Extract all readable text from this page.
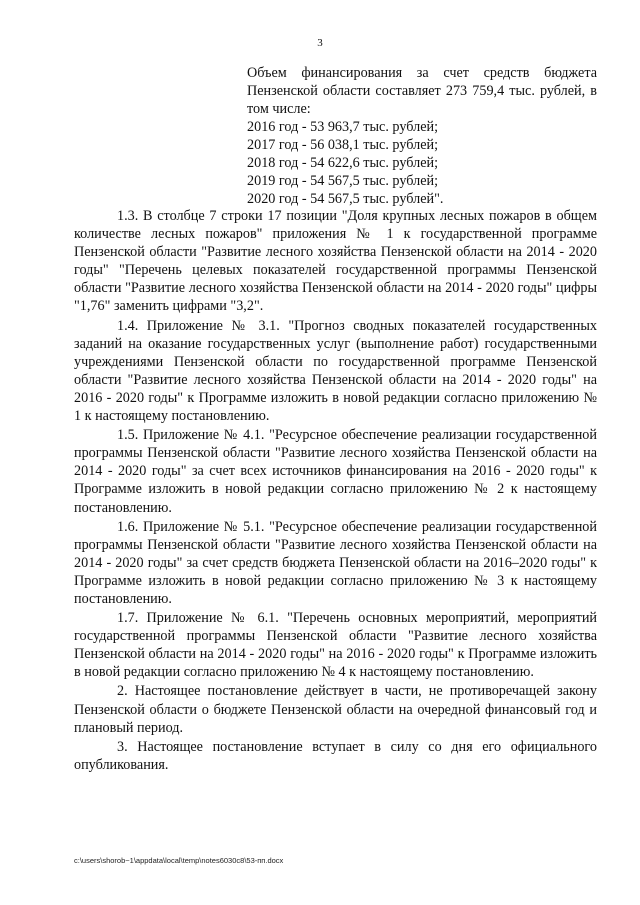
3
Объем финансирования за счет средств бюджета Пензенской области составляет 273 759,4 тыс. рублей, в том числе:
2016 год - 53 963,7 тыс. рублей;
2017 год - 56 038,1 тыс. рублей;
2018 год - 54 622,6 тыс. рублей;
2019 год - 54 567,5 тыс. рублей;
2020 год - 54 567,5 тыс. рублей".

1.3. В столбце 7 строки 17 позиции "Доля крупных лесных пожаров в общем количестве лесных пожаров" приложения № 1 к государственной программе Пензенской области "Развитие лесного хозяйства Пензенской области на 2014 - 2020 годы" "Перечень целевых показателей государственной программы Пензенской области "Развитие лесного хозяйства Пензенской области на 2014 - 2020 годы" цифры "1,76" заменить цифрами "3,2".

1.4. Приложение № 3.1. "Прогноз сводных показателей государственных заданий на оказание государственных услуг (выполнение работ) государственными учреждениями Пензенской области по государственной программе Пензенской области "Развитие лесного хозяйства Пензенской области на 2014 - 2020 годы" на 2016 - 2020 годы" к Программе изложить в новой редакции согласно приложению № 1 к настоящему постановлению.

1.5. Приложение № 4.1. "Ресурсное обеспечение реализации государственной программы Пензенской области "Развитие лесного хозяйства Пензенской области на 2014 - 2020 годы" за счет всех источников финансирования на 2016 - 2020 годы" к Программе изложить в новой редакции согласно приложению № 2 к настоящему постановлению.

1.6. Приложение № 5.1. "Ресурсное обеспечение реализации государственной программы Пензенской области "Развитие лесного хозяйства Пензенской области на 2014 - 2020 годы" за счет средств бюджета Пензенской области на 2016–2020 годы" к Программе изложить в новой редакции согласно приложению № 3 к настоящему постановлению.

1.7. Приложение № 6.1. "Перечень основных мероприятий, мероприятий государственной программы Пензенской области "Развитие лесного хозяйства Пензенской области на 2014 - 2020 годы" на 2016 - 2020 годы" к Программе изложить в новой редакции согласно приложению № 4 к настоящему постановлению.

2. Настоящее постановление действует в части, не противоречащей закону Пензенской области о бюджете Пензенской области на очередной финансовый год и плановый период.

3. Настоящее постановление вступает в силу со дня его официального опубликования.

c:\users\shorob~1\appdata\local\temp\notes6030c8\53-пп.docx
